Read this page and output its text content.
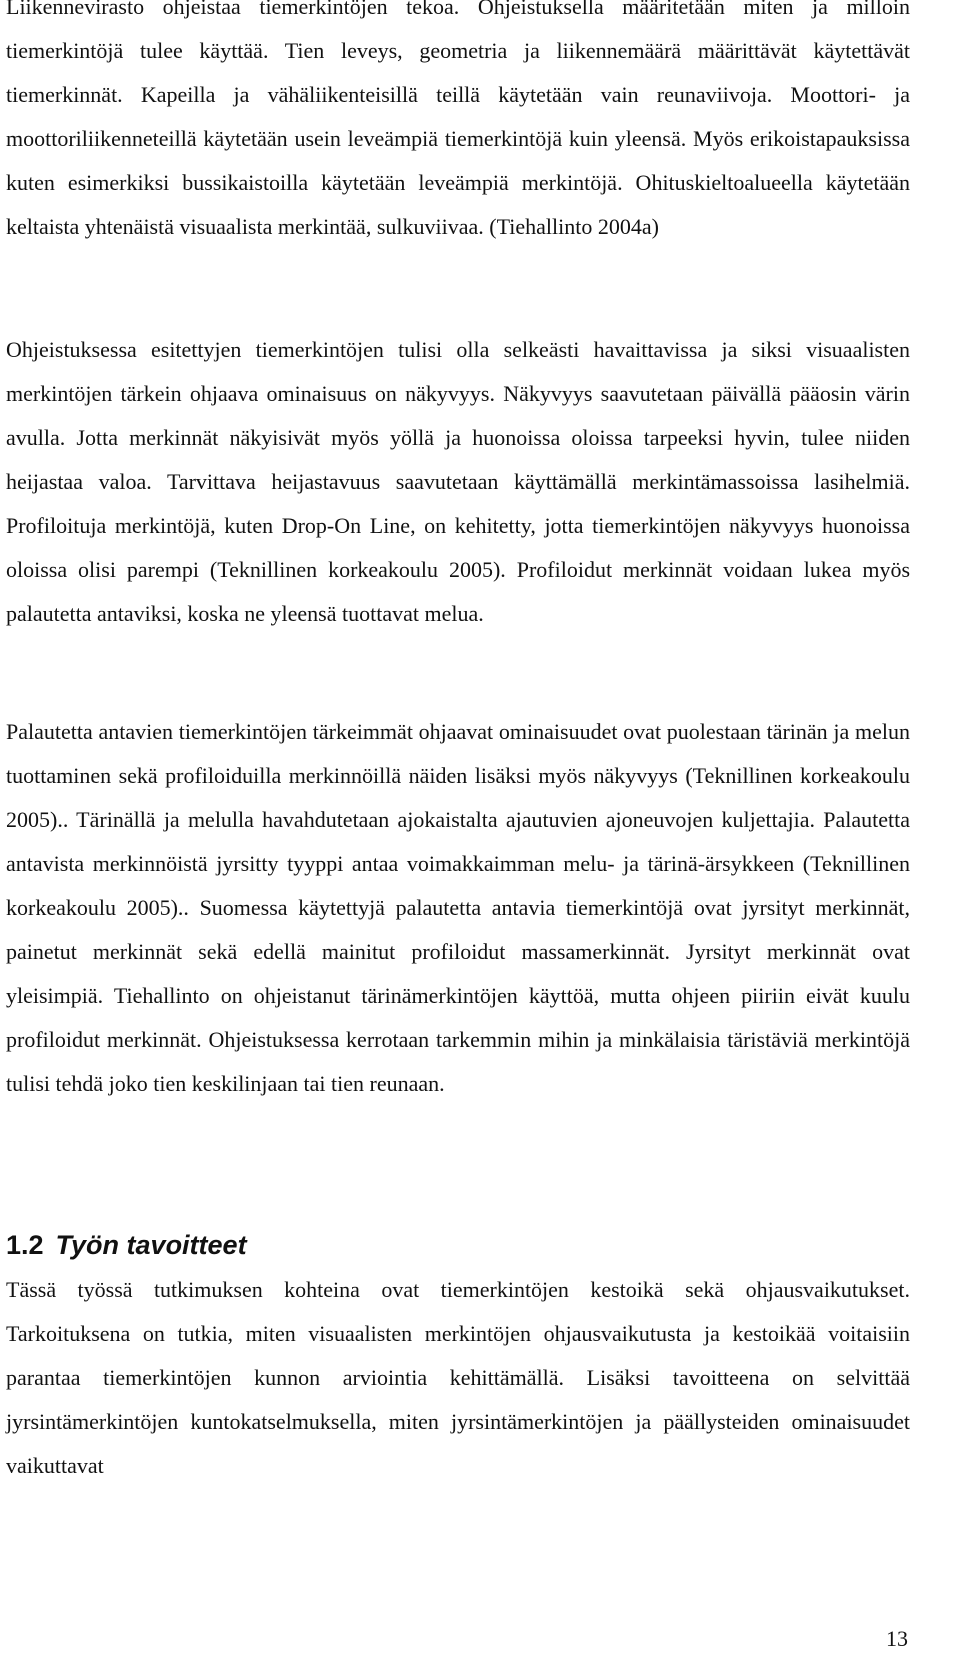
Liikennevirasto ohjeistaa tiemerkintöjen tekoa. Ohjeistuksella määritetään miten ja milloin tiemerkintöjä tulee käyttää. Tien leveys, geometria ja liikennemäärä määrittävät käytettävät tiemerkinnät. Kapeilla ja vähäliikenteisillä teillä käytetään vain reunaviivoja. Moottori- ja moottoriliikenneteillä käytetään usein leveämpiä tiemerkintöjä kuin yleensä. Myös erikoistapauksissa kuten esimerkiksi bussikaistoilla käytetään leveämpiä merkintöjä. Ohituskieltoalueella käytetään keltaista yhtenäistä visuaalista merkintää, sulkuviivaa. (Tiehallinto 2004a)

Ohjeistuksessa esitettyjen tiemerkintöjen tulisi olla selkeästi havaittavissa ja siksi visuaalisten merkintöjen tärkein ohjaava ominaisuus on näkyvyys. Näkyvyys saavutetaan päivällä pääosin värin avulla. Jotta merkinnät näkyisivät myös yöllä ja huonoissa oloissa tarpeeksi hyvin, tulee niiden heijastaa valoa. Tarvittava heijastavuus saavutetaan käyttämällä merkintämassoissa lasihelmiä. Profiloituja merkintöjä, kuten Drop-On Line, on kehitetty, jotta tiemerkintöjen näkyvyys huonoissa oloissa olisi parempi (Teknillinen korkeakoulu 2005). Profiloidut merkinnät voidaan lukea myös palautetta antaviksi, koska ne yleensä tuottavat melua.

Palautetta antavien tiemerkintöjen tärkeimmät ohjaavat ominaisuudet ovat puolestaan tärinän ja melun tuottaminen sekä profiloiduilla merkinnöillä näiden lisäksi myös näkyvyys (Teknillinen korkeakoulu 2005).. Tärinällä ja melulla havahdutetaan ajokaistalta ajautuvien ajoneuvojen kuljettajia. Palautetta antavista merkinnöistä jyrsitty tyyppi antaa voimakkaimman melu- ja tärinä-ärsykkeen (Teknillinen korkeakoulu 2005).. Suomessa käytettyjä palautetta antavia tiemerkintöjä ovat jyrsityt merkinnät, painetut merkinnät sekä edellä mainitut profiloidut massamerkinnät. Jyrsityt merkinnät ovat yleisimpiä. Tiehallinto on ohjeistanut tärinämerkintöjen käyttöä, mutta ohjeen piiriin eivät kuulu profiloidut merkinnät. Ohjeistuksessa kerrotaan tarkemmin mihin ja minkälaisia täristäviä merkintöjä tulisi tehdä joko tien keskilinjaan tai tien reunaan.

1.2 Työn tavoitteet

Tässä työssä tutkimuksen kohteina ovat tiemerkintöjen kestoikä sekä ohjausvaikutukset. Tarkoituksena on tutkia, miten visuaalisten merkintöjen ohjausvaikutusta ja kestoikää voitaisiin parantaa tiemerkintöjen kunnon arviointia kehittämällä. Lisäksi tavoitteena on selvittää jyrsintämerkintöjen kuntokatselmuksella, miten jyrsintämerkintöjen ja päällysteiden ominaisuudet vaikuttavat

13
